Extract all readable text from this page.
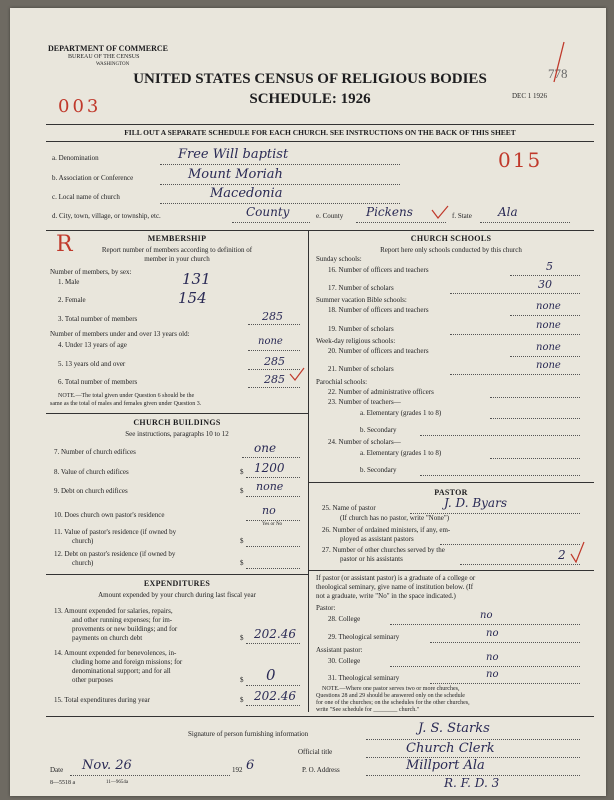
DEPARTMENT OF COMMERCE
BUREAU OF THE CENSUS
WASHINGTON
UNITED STATES CENSUS OF RELIGIOUS BODIES
SCHEDULE: 1926
003
778
DEC 1 1926
FILL OUT A SEPARATE SCHEDULE FOR EACH CHURCH. SEE INSTRUCTIONS ON THE BACK OF THIS SHEET
a. Denomination	Free Will baptist	015
b. Association or Conference	Mount Moriah
c. Local name of church	Macedonia
d. City, town, village, or township, etc.	County	e. County Pickens	f. State Ala
MEMBERSHIP
R	Report number of members according to definition of
member in your church
Number of members, by sex:
1. Male	131
2. Female	154
3. Total number of members	285
Number of members under and over 13 years old:
4. Under 13 years of age	none
5. 13 years old and over	285
6. Total number of members	285
NOTE.—The total given under Question 6 should be the
same as the total of males and females given under Question 3.
CHURCH BUILDINGS
See instructions, paragraphs 10 to 12
7. Number of church edifices	one
8. Value of church edifices	$ 1200
9. Debt on church edifices	$ none
10. Does church own pastor's residence	no
Yes or No
11. Value of pastor's residence (if owned by
church)	$
12. Debt on pastor's residence (if owned by
church)	$
EXPENDITURES
Amount expended by your church during last fiscal year
13. Amount expended for salaries, repairs,
and other running expenses; for im-
provements or new buildings; and for
payments on church debt	$ 202.46
14. Amount expended for benevolences, in-
cluding home and foreign missions; for
denominational support; and for all
other purposes	$ 0
15. Total expenditures during year	$ 202.46
CHURCH SCHOOLS
Report here only schools conducted by this church
Sunday schools:
16. Number of officers and teachers	5
17. Number of scholars	30
Summer vacation Bible schools:
18. Number of officers and teachers	none
19. Number of scholars	none
Week-day religious schools:
20. Number of officers and teachers	none
21. Number of scholars	none
Parochial schools:
22. Number of administrative officers
23. Number of teachers—
a. Elementary (grades 1 to 8)
b. Secondary
24. Number of scholars—
a. Elementary (grades 1 to 8)
b. Secondary
PASTOR
25. Name of pastor	J. D. Byars
(If church has no pastor, write "None")
26. Number of ordained ministers, if any, em-
ployed as assistant pastors
27. Number of other churches served by the
pastor or his assistants	2
If pastor (or assistant pastor) is a graduate of a college or
theological seminary, give name of institution below. (If
not a graduate, write "No" in the space indicated.)
Pastor:
28. College	no
29. Theological seminary	no
Assistant pastor:
30. College	no
31. Theological seminary	no
NOTE.—Where one pastor serves two or more churches,
Questions 28 and 29 should be answered only on the schedule
for one of the churches; on the schedules for the other churches,
write "See schedule for ________ church."
Signature of person furnishing information	J. S. Starks
Official title	Church Clerk
Date Nov. 26	192 6	P. O. Address	Millport Ala
R. F. D. 3
8—5518 a	11—9654a
